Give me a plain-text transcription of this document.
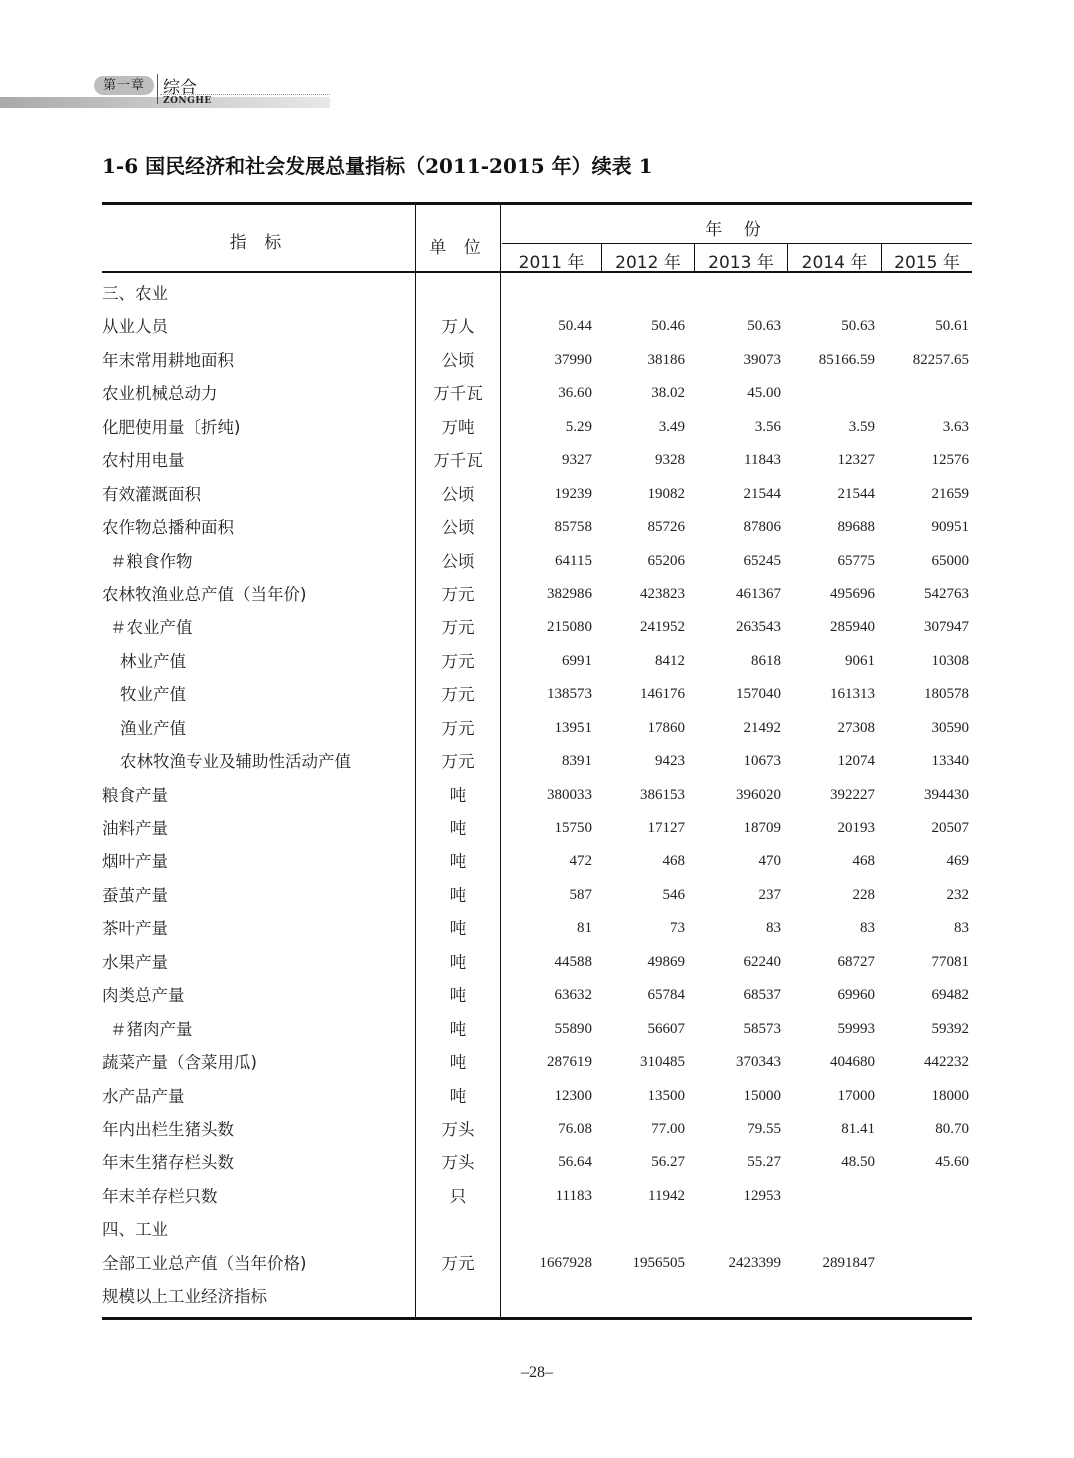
第一章	综合
ZONGHE
1-6 国民经济和社会发展总量指标（2011-2015 年）续表 1
指 标	单 位
年 份
2011 年	2012 年	2013 年	2014 年	2015 年
三、农业
从业人员	万人	50.44	50.46	50.63	50.63	50.61
年末常用耕地面积	公顷	37990	38186	39073	85166.59	82257.65
农业机械总动力	万千瓦	36.60	38.02	45.00
化肥使用量〔折纯)	万吨	5.29	3.49	3.56	3.59	3.63
农村用电量	万千瓦	9327	9328	11843	12327	12576
有效灌溉面积	公顷	19239	19082	21544	21544	21659
农作物总播种面积	公顷	85758	85726	87806	89688	90951
＃粮食作物	公顷	64115	65206	65245	65775	65000
农林牧渔业总产值（当年价)	万元	382986	423823	461367	495696	542763
＃农业产值	万元	215080	241952	263543	285940	307947
林业产值	万元	6991	8412	8618	9061	10308
牧业产值	万元	138573	146176	157040	161313	180578
渔业产值	万元	13951	17860	21492	27308	30590
农林牧渔专业及辅助性活动产值	万元	8391	9423	10673	12074	13340
粮食产量	吨	380033	386153	396020	392227	394430
油料产量	吨	15750	17127	18709	20193	20507
烟叶产量	吨	472	468	470	468	469
蚕茧产量	吨	587	546	237	228	232
茶叶产量	吨	81	73	83	83	83
水果产量	吨	44588	49869	62240	68727	77081
肉类总产量	吨	63632	65784	68537	69960	69482
＃猪肉产量	吨	55890	56607	58573	59993	59392
蔬菜产量（含菜用瓜)	吨	287619	310485	370343	404680	442232
水产品产量	吨	12300	13500	15000	17000	18000
年内出栏生猪头数	万头	76.08	77.00	79.55	81.41	80.70
年末生猪存栏头数	万头	56.64	56.27	55.27	48.50	45.60
年末羊存栏只数	只	11183	11942	12953
四、工业
全部工业总产值（当年价格)	万元	1667928	1956505	2423399	2891847
规模以上工业经济指标
–28–
